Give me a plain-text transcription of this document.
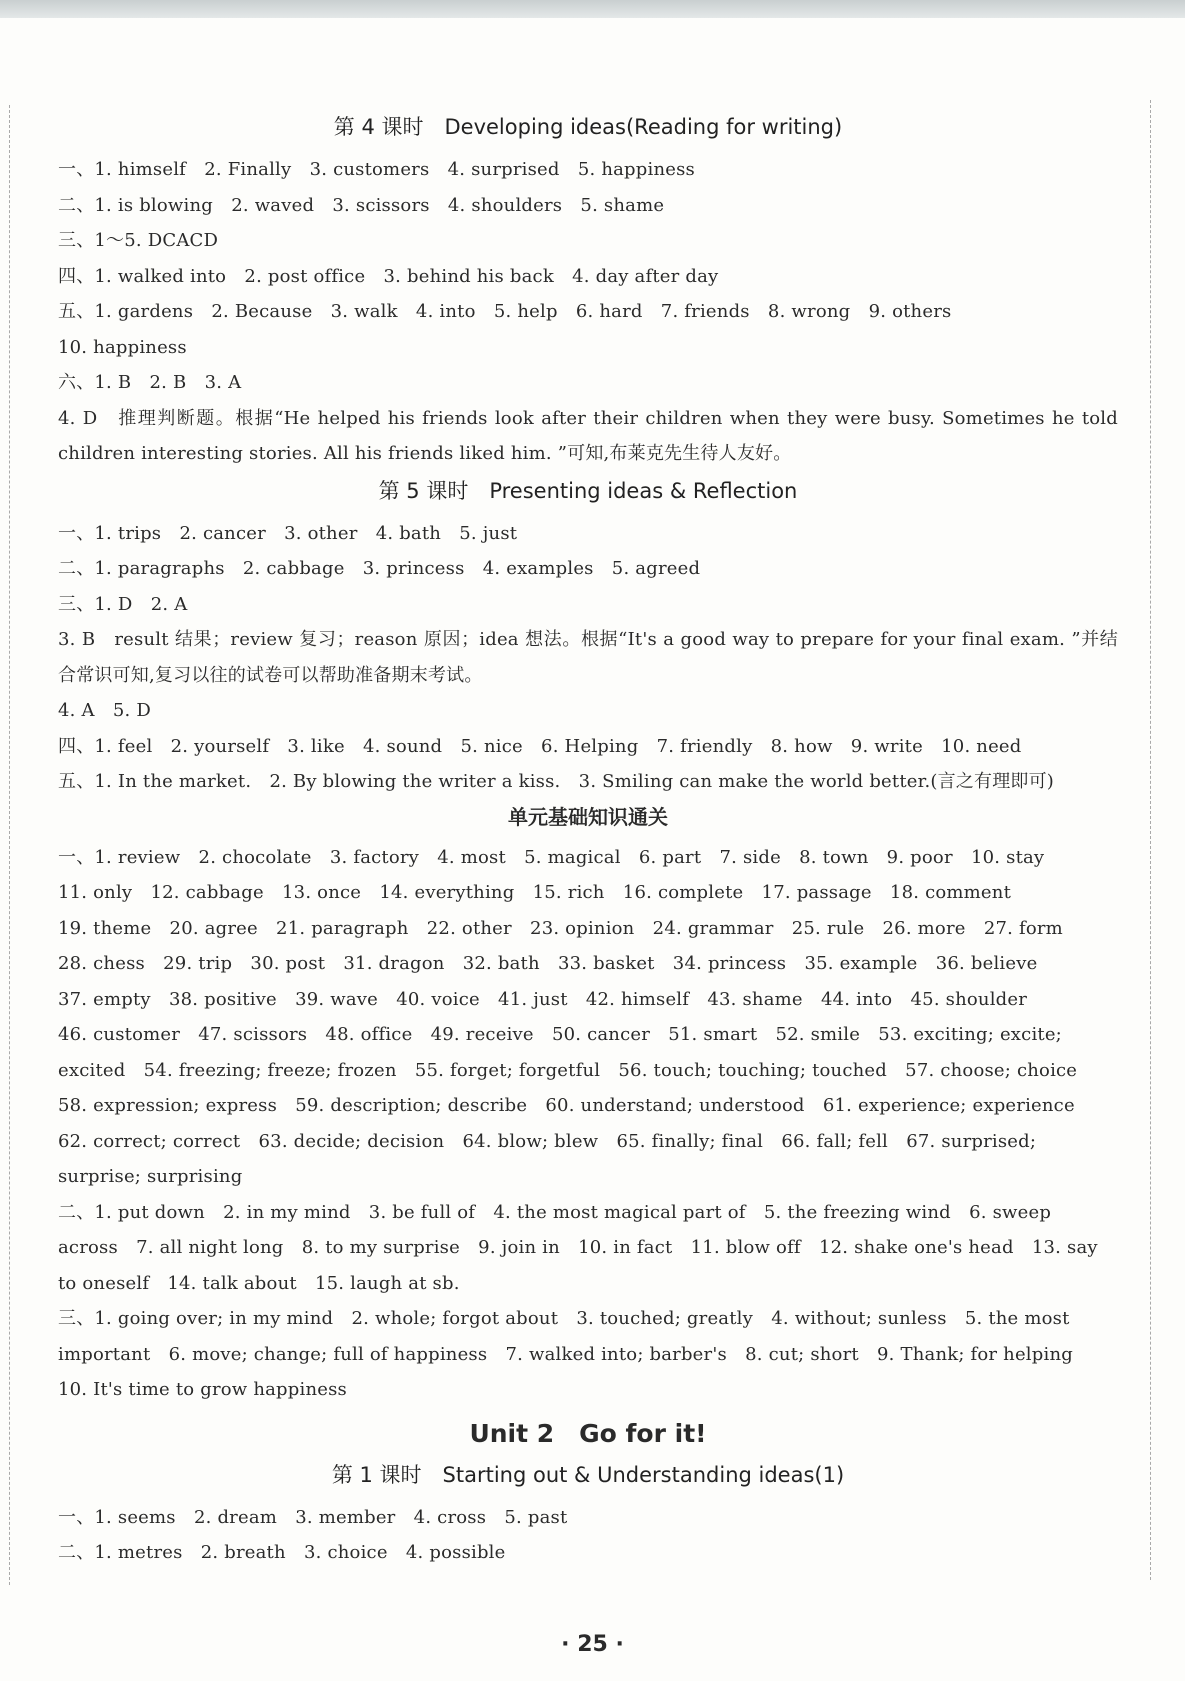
第 4 课时　Developing ideas(Reading for writing)
一、1. himself　2. Finally　3. customers　4. surprised　5. happiness
二、1. is blowing　2. waved　3. scissors　4. shoulders　5. shame
三、1～5. DCACD
四、1. walked into　2. post office　3. behind his back　4. day after day
五、1. gardens　2. Because　3. walk　4. into　5. help　6. hard　7. friends　8. wrong　9. others
10. happiness
六、1. B　2. B　3. A
4. D　推理判断题。根据“He helped his friends look after their children when they were busy. Sometimes he told children interesting stories. All his friends liked him. ”可知,布莱克先生待人友好。
第 5 课时　Presenting ideas & Reflection
一、1. trips　2. cancer　3. other　4. bath　5. just
二、1. paragraphs　2. cabbage　3. princess　4. examples　5. agreed
三、1. D　2. A
3. B　result 结果；review 复习；reason 原因；idea 想法。根据“It's a good way to prepare for your final exam. ”并结合常识可知,复习以往的试卷可以帮助准备期末考试。
4. A　5. D
四、1. feel　2. yourself　3. like　4. sound　5. nice　6. Helping　7. friendly　8. how　9. write　10. need
五、1. In the market.　2. By blowing the writer a kiss.　3. Smiling can make the world better.(言之有理即可)
单元基础知识通关
一、1. review　2. chocolate　3. factory　4. most　5. magical　6. part　7. side　8. town　9. poor　10. stay
11. only　12. cabbage　13. once　14. everything　15. rich　16. complete　17. passage　18. comment
19. theme　20. agree　21. paragraph　22. other　23. opinion　24. grammar　25. rule　26. more　27. form
28. chess　29. trip　30. post　31. dragon　32. bath　33. basket　34. princess　35. example　36. believe
37. empty　38. positive　39. wave　40. voice　41. just　42. himself　43. shame　44. into　45. shoulder
46. customer　47. scissors　48. office　49. receive　50. cancer　51. smart　52. smile　53. exciting; excite;
excited　54. freezing; freeze; frozen　55. forget; forgetful　56. touch; touching; touched　57. choose; choice
58. expression; express　59. description; describe　60. understand; understood　61. experience; experience
62. correct; correct　63. decide; decision　64. blow; blew　65. finally; final　66. fall; fell　67. surprised;
surprise; surprising
二、1. put down　2. in my mind　3. be full of　4. the most magical part of　5. the freezing wind　6. sweep
across　7. all night long　8. to my surprise　9. join in　10. in fact　11. blow off　12. shake one's head　13. say
to oneself　14. talk about　15. laugh at sb.
三、1. going over; in my mind　2. whole; forgot about　3. touched; greatly　4. without; sunless　5. the most
important　6. move; change; full of happiness　7. walked into; barber's　8. cut; short　9. Thank; for helping
10. It's time to grow happiness
Unit 2　Go for it!
第 1 课时　Starting out & Understanding ideas(1)
一、1. seems　2. dream　3. member　4. cross　5. past
二、1. metres　2. breath　3. choice　4. possible
· 25 ·
